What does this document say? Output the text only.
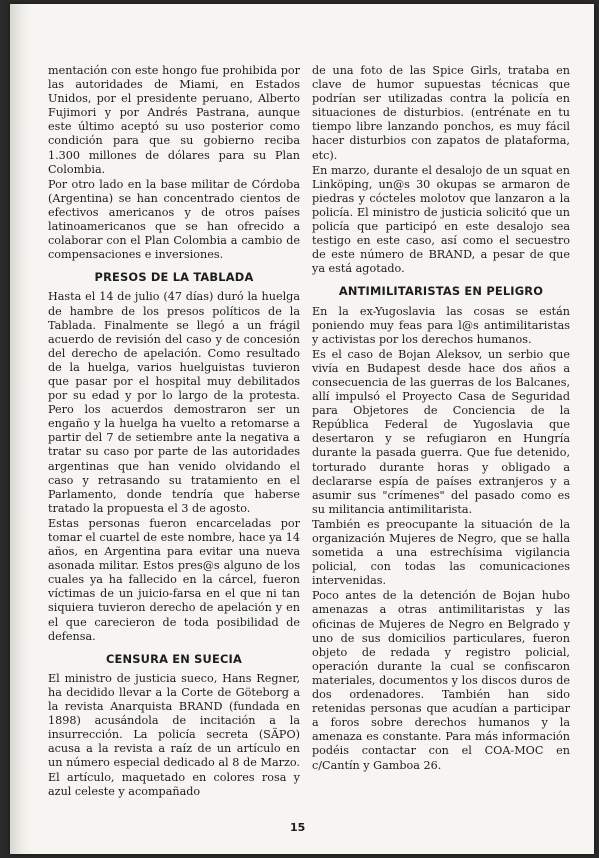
mentación con este hongo fue prohibida por las autoridades de Miami, en Estados Unidos, por el presidente peruano, Alberto Fujimori y por Andrés Pastrana, aunque este último aceptó su uso posterior como condición para que su gobierno reciba 1.300 millones de dólares para su Plan Colombia.

Por otro lado en la base militar de Córdoba (Argentina) se han concentrado cientos de efectivos americanos y de otros países latinoamericanos que se han ofrecido a colaborar con el Plan Colombia a cambio de compensaciones e inversiones.

PRESOS DE LA TABLADA

Hasta el 14 de julio (47 días) duró la huelga de hambre de los presos políticos de la Tablada. Finalmente se llegó a un frágil acuerdo de revisión del caso y de concesión del derecho de apelación. Como resultado de la huelga, varios huelguistas tuvieron que pasar por el hospital muy debilitados por su edad y por lo largo de la protesta. Pero los acuerdos demostraron ser un engaño y la huelga ha vuelto a retomarse a partir del 7 de setiembre ante la negativa a tratar su caso por parte de las autoridades argentinas que han venido olvidando el caso y retrasando su tratamiento en el Parlamento, donde tendría que haberse tratado la propuesta el 3 de agosto.

Estas personas fueron encarceladas por tomar el cuartel de este nombre, hace ya 14 años, en Argentina para evitar una nueva asonada militar. Estos pres@s alguno de los cuales ya ha fallecido en la cárcel, fueron víctimas de un juicio-farsa en el que ni tan siquiera tuvieron derecho de apelación y en el que carecieron de toda posibilidad de defensa.

CENSURA EN SUECIA

El ministro de justicia sueco, Hans Regner, ha decidido llevar a la Corte de Göteborg a la revista Anarquista BRAND (fundada en 1898) acusándola de incitación a la insurrección. La policía secreta (SÄPO) acusa a la revista a raíz de un artículo en un número especial dedicado al 8 de Marzo. El artículo, maquetado en colores rosa y azul celeste y acompañado

de una foto de las Spice Girls, trataba en clave de humor supuestas técnicas que podrían ser utilizadas contra la policía en situaciones de disturbios. (entrénate en tu tiempo libre lanzando ponchos, es muy fácil hacer disturbios con zapatos de plataforma, etc).

En marzo, durante el desalojo de un squat en Linköping, un@s 30 okupas se armaron de piedras y cócteles molotov que lanzaron a la policía. El ministro de justicia solicitó que un policía que participó en este desalojo sea testigo en este caso, así como el secuestro de este número de BRAND, a pesar de que ya está agotado.

ANTIMILITARISTAS EN PELIGRO

En la ex-Yugoslavia las cosas se están poniendo muy feas para l@s antimilitaristas y activistas por los derechos humanos.

Es el caso de Bojan Aleksov, un serbio que vivía en Budapest desde hace dos años a consecuencia de las guerras de los Balcanes, allí impulsó el Proyecto Casa de Seguridad para Objetores de Conciencia de la República Federal de Yugoslavia que desertaron y se refugiaron en Hungría durante la pasada guerra. Que fue detenido, torturado durante horas y obligado a declararse espía de países extranjeros y a asumir sus "crímenes" del pasado como es su militancia antimilitarista.

También es preocupante la situación de la organización Mujeres de Negro, que se halla sometida a una estrechísima vigilancia policial, con todas las comunicaciones intervenidas.

Poco antes de la detención de Bojan hubo amenazas a otras antimilitaristas y las oficinas de Mujeres de Negro en Belgrado y uno de sus domicilios particulares, fueron objeto de redada y registro policial, operación durante la cual se confiscaron materiales, documentos y los discos duros de dos ordenadores. También han sido retenidas personas que acudían a participar a foros sobre derechos humanos y la amenaza es constante. Para más información podéis contactar con el COA-MOC en c/Cantín y Gamboa 26.

15
